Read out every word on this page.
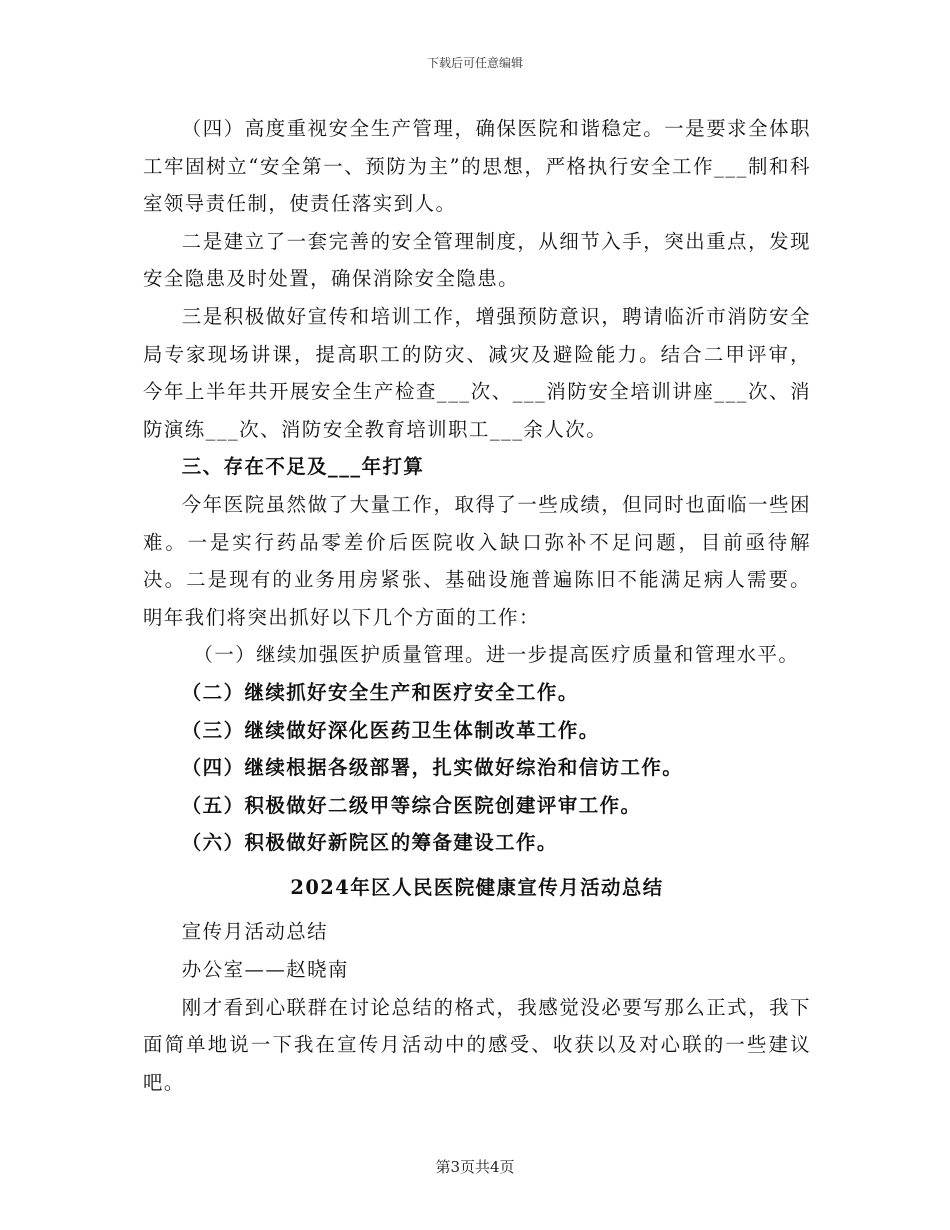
下载后可任意编辑

（四）高度重视安全生产管理，确保医院和谐稳定。一是要求全体职工牢固树立“安全第一、预防为主”的思想，严格执行安全工作___制和科室领导责任制，使责任落实到人。

二是建立了一套完善的安全管理制度，从细节入手，突出重点，发现安全隐患及时处置，确保消除安全隐患。

三是积极做好宣传和培训工作，增强预防意识，聘请临沂市消防安全局专家现场讲课，提高职工的防灾、减灾及避险能力。结合二甲评审，今年上半年共开展安全生产检查___次、___消防安全培训讲座___次、消防演练___次、消防安全教育培训职工___余人次。

三、存在不足及___年打算

今年医院虽然做了大量工作，取得了一些成绩，但同时也面临一些困难。一是实行药品零差价后医院收入缺口弥补不足问题，目前亟待解决。二是现有的业务用房紧张、基础设施普遍陈旧不能满足病人需要。明年我们将突出抓好以下几个方面的工作：

（一）继续加强医护质量管理。进一步提高医疗质量和管理水平。

（二）继续抓好安全生产和医疗安全工作。

（三）继续做好深化医药卫生体制改革工作。

（四）继续根据各级部署，扎实做好综治和信访工作。

（五）积极做好二级甲等综合医院创建评审工作。

（六）积极做好新院区的筹备建设工作。

2024年区人民医院健康宣传月活动总结

宣传月活动总结

办公室——赵晓南

刚才看到心联群在讨论总结的格式，我感觉没必要写那么正式，我下面简单地说一下我在宣传月活动中的感受、收获以及对心联的一些建议吧。

第3页共4页
